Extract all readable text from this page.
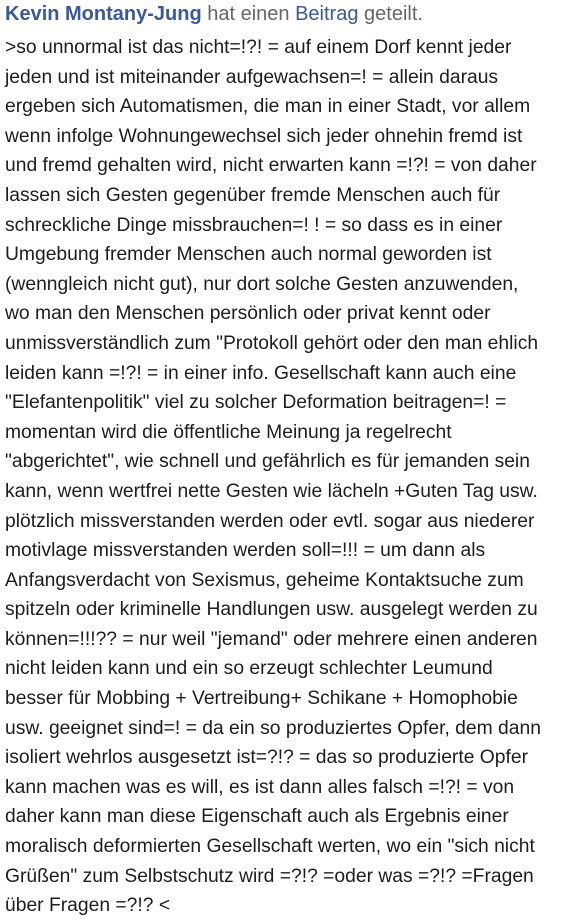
Kevin Montany-Jung hat einen Beitrag geteilt.
>so unnormal ist das nicht=!?! = auf einem Dorf kennt jeder
jeden und ist miteinander aufgewachsen=! = allein daraus
ergeben sich Automatismen, die man in einer Stadt, vor allem
wenn infolge Wohnungewechsel sich jeder ohnehin fremd ist
und fremd gehalten wird, nicht erwarten kann =!?! = von daher
lassen sich Gesten gegenüber fremde Menschen auch für
schreckliche Dinge missbrauchen=! ! = so dass es in einer
Umgebung fremder Menschen auch normal geworden ist
(wenngleich nicht gut), nur dort solche Gesten anzuwenden,
wo man den Menschen persönlich oder privat kennt oder
unmissverständlich zum "Protokoll gehört oder den man ehlich
leiden kann =!?! = in einer info. Gesellschaft kann auch eine
"Elefantenpolitik" viel zu solcher Deformation beitragen=! =
momentan wird die öffentliche Meinung ja regelrecht
"abgerichtet", wie schnell und gefährlich es für jemanden sein
kann, wenn wertfrei nette Gesten wie lächeln +Guten Tag usw.
plötzlich missverstanden werden oder evtl. sogar aus niederer
motivlage missverstanden werden soll=!!! = um dann als
Anfangsverdacht von Sexismus, geheime Kontaktsuche zum
spitzeln oder kriminelle Handlungen usw. ausgelegt werden zu
können=!!!?? = nur weil "jemand" oder mehrere einen anderen
nicht leiden kann und ein so erzeugt schlechter Leumund
besser für Mobbing + Vertreibung+ Schikane + Homophobie
usw. geeignet sind=! = da ein so produziertes Opfer, dem dann
isoliert wehrlos ausgesetzt ist=?!? = das so produzierte Opfer
kann machen was es will, es ist dann alles falsch =!?! = von
daher kann man diese Eigenschaft auch als Ergebnis einer
moralisch deformierten Gesellschaft werten, wo ein "sich nicht
Grüßen" zum Selbstschutz wird =?!? =oder was =?!? =Fragen
über Fragen =?!? <
